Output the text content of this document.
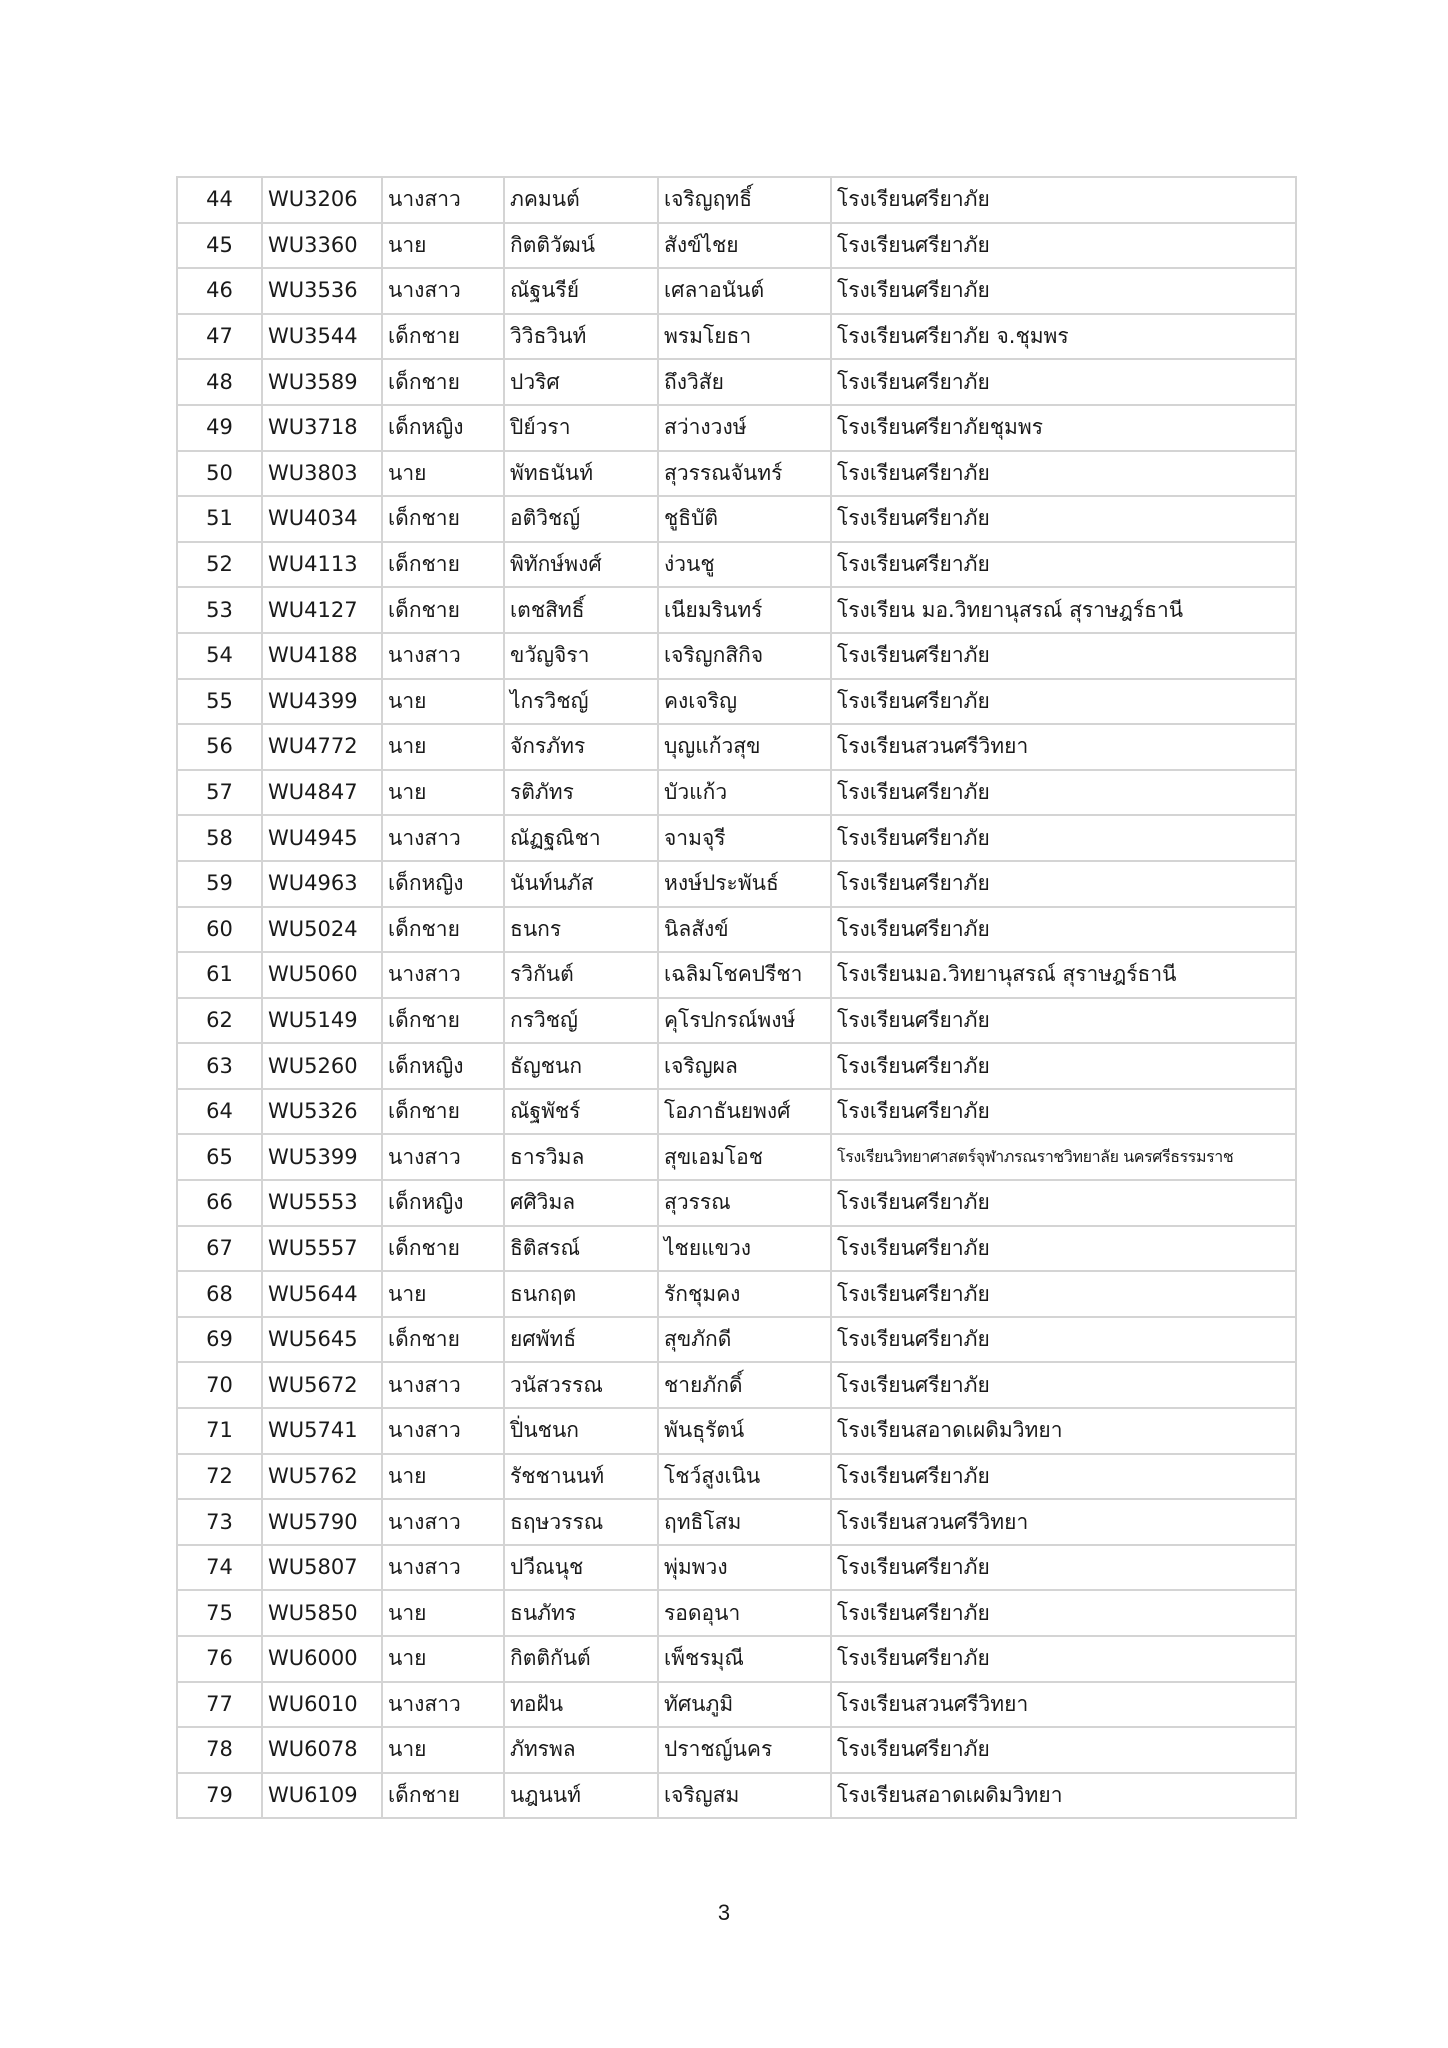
44	WU3206	นางสาว	ภคมนต์	เจริญฤทธิ์	โรงเรียนศรียาภัย
45	WU3360	นาย	กิตติวัฒน์	สังข์ไชย	โรงเรียนศรียาภัย
46	WU3536	นางสาว	ณัฐนรีย์	เศลาอนันต์	โรงเรียนศรียาภัย
47	WU3544	เด็กชาย	วิวิธวินท์	พรมโยธา	โรงเรียนศรียาภัย จ.ชุมพร
48	WU3589	เด็กชาย	ปวริศ	ถึงวิสัย	โรงเรียนศรียาภัย
49	WU3718	เด็กหญิง	ปิย์วรา	สว่างวงษ์	โรงเรียนศรียาภัยชุมพร
50	WU3803	นาย	พัทธนันท์	สุวรรณจันทร์	โรงเรียนศรียาภัย
51	WU4034	เด็กชาย	อติวิชญ์	ชูธิบัติ	โรงเรียนศรียาภัย
52	WU4113	เด็กชาย	พิทักษ์พงศ์	ง่วนชู	โรงเรียนศรียาภัย
53	WU4127	เด็กชาย	เตชสิทธิ์	เนียมรินทร์	โรงเรียน มอ.วิทยานุสรณ์ สุราษฎร์ธานี
54	WU4188	นางสาว	ขวัญจิรา	เจริญกสิกิจ	โรงเรียนศรียาภัย
55	WU4399	นาย	ไกรวิชญ์	คงเจริญ	โรงเรียนศรียาภัย
56	WU4772	นาย	จักรภัทร	บุญแก้วสุข	โรงเรียนสวนศรีวิทยา
57	WU4847	นาย	รติภัทร	บัวแก้ว	โรงเรียนศรียาภัย
58	WU4945	นางสาว	ณัฏฐณิชา	จามจุรี	โรงเรียนศรียาภัย
59	WU4963	เด็กหญิง	นันท์นภัส	หงษ์ประพันธ์	โรงเรียนศรียาภัย
60	WU5024	เด็กชาย	ธนกร	นิลสังข์	โรงเรียนศรียาภัย
61	WU5060	นางสาว	รวิกันต์	เฉลิมโชคปรีชา	โรงเรียนมอ.วิทยานุสรณ์ สุราษฎร์ธานี
62	WU5149	เด็กชาย	กรวิชญ์	คุโรปกรณ์พงษ์	โรงเรียนศรียาภัย
63	WU5260	เด็กหญิง	ธัญชนก	เจริญผล	โรงเรียนศรียาภัย
64	WU5326	เด็กชาย	ณัฐพัชร์	โอภาธันยพงศ์	โรงเรียนศรียาภัย
65	WU5399	นางสาว	ธารวิมล	สุขเอมโอช	โรงเรียนวิทยาศาสตร์จุฬาภรณราชวิทยาลัย นครศรีธรรมราช
66	WU5553	เด็กหญิง	ศศิวิมล	สุวรรณ	โรงเรียนศรียาภัย
67	WU5557	เด็กชาย	ธิติสรณ์	ไชยแขวง	โรงเรียนศรียาภัย
68	WU5644	นาย	ธนกฤต	รักชุมคง	โรงเรียนศรียาภัย
69	WU5645	เด็กชาย	ยศพัทธ์	สุขภักดี	โรงเรียนศรียาภัย
70	WU5672	นางสาว	วนัสวรรณ	ชายภักดิ์	โรงเรียนศรียาภัย
71	WU5741	นางสาว	ปิ่นชนก	พันธุรัตน์	โรงเรียนสอาดเผดิมวิทยา
72	WU5762	นาย	รัชชานนท์	โชว์สูงเนิน	โรงเรียนศรียาภัย
73	WU5790	นางสาว	ธฤษวรรณ	ฤทธิโสม	โรงเรียนสวนศรีวิทยา
74	WU5807	นางสาว	ปวีณนุช	พุ่มพวง	โรงเรียนศรียาภัย
75	WU5850	นาย	ธนภัทร	รอดอุนา	โรงเรียนศรียาภัย
76	WU6000	นาย	กิตติกันต์	เพ็ชรมุณี	โรงเรียนศรียาภัย
77	WU6010	นางสาว	ทอฝัน	ทัศนภูมิ	โรงเรียนสวนศรีวิทยา
78	WU6078	นาย	ภัทรพล	ปราชญ์นคร	โรงเรียนศรียาภัย
79	WU6109	เด็กชาย	นฎนนท์	เจริญสม	โรงเรียนสอาดเผดิมวิทยา
3
